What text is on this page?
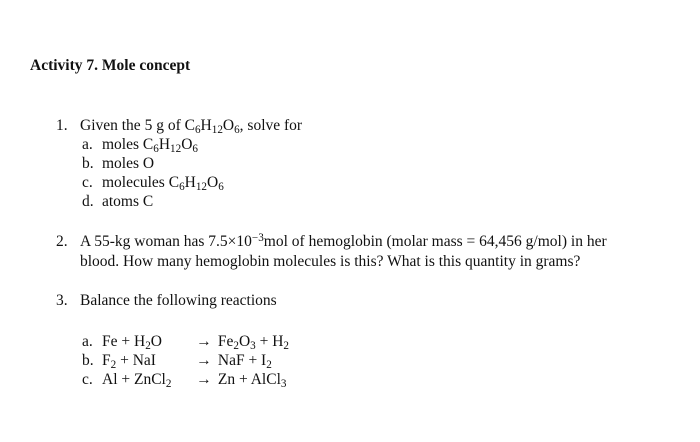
Activity 7. Mole concept
1. Given the 5 g of $C_6H_{12}O_6$, solve for
a. moles $C_6H_{12}O_6$
b. moles O
c. molecules $C_6H_{12}O_6$
d. atoms C
2. A 55-kg woman has $7.5\times 10^{-3}mol$ of hemoglobin (molar mass = 64,456 g/mol) in her
blood. How many hemoglobin molecules is this? What is this quantity in grams?
3. Balance the following reactions
a. $Fe + H_2O \to Fe_2O_3 + H_2$
b. $F_2$ + NaI	→ NaF + $I_2$
c. Al + ZnCl$_2$ → Zn + AlCl$_3$
